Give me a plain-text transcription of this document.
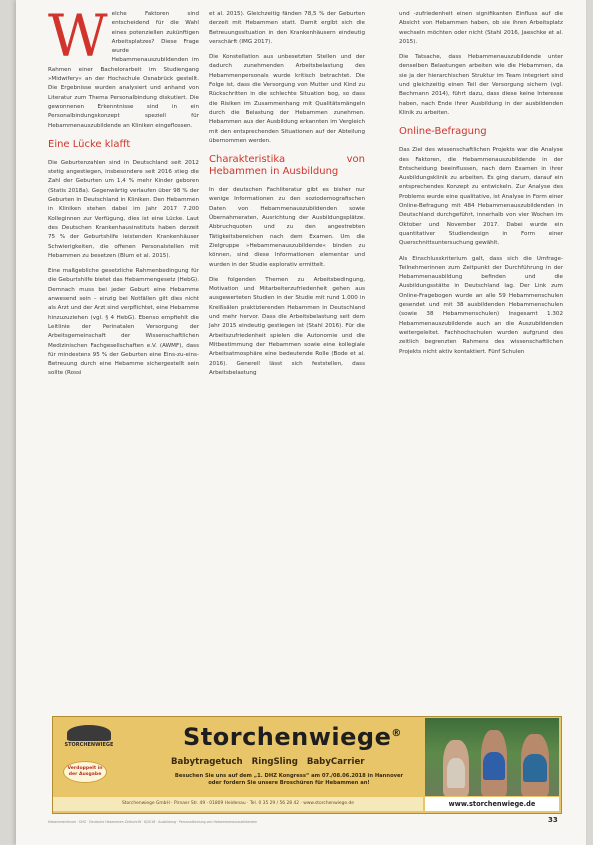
W elche Faktoren sind entscheidend für die Wahl eines potenziellen zukünftigen Arbeitsplatzes? Diese Frage wurde Hebammenauszubildenden im Rahmen einer Bachelorarbeit im Studiengang »Midwifery« an der Hochschule Osnabrück gestellt. Die Ergebnisse wurden analysiert und anhand von Literatur zum Thema Personalbindung diskutiert. Die gewonnenen Erkenntnisse sind in ein Personalbindungskonzept speziell für Hebammenauszubildende an Kliniken eingeflossen.
Eine Lücke klafft

Die Geburtenzahlen sind in Deutschland seit 2012 stetig angestiegen, insbesondere seit 2016 stieg die Zahl der Geburten um 1,4 % mehr Kinder geboren (Statis 2018a). Gegenwärtig verlaufen über 98 % der Geburten in Deutschland in Kliniken. Den Hebammen in Kliniken stehen dabei im Jahr 2017 7.200 Kolleginnen zur Verfügung, dies ist eine Lücke. Laut des Deutschen Krankenhausinstituts haben derzeit 75 % der Geburtshilfe leistenden Krankenhäuser Schwierigkeiten, die offenen Personalstellen mit Hebammen zu besetzen (Blum et al. 2015).

Eine maßgebliche gesetzliche Rahmenbedingung für die Geburtshilfe bietet das Hebammengesetz (HebG). Demnach muss bei jeder Geburt eine Hebamme anwesend sein – einzig bei Notfällen gilt dies nicht als Arzt und der Arzt sind verpflichtet, eine Hebamme hinzuzuziehen (vgl. § 4 HebG). Ebenso empfiehlt die Leitlinie der Perinatalen Versorgung der Arbeitsgemeinschaft der Wissenschaftlichen Medizinischen Fachgesellschaften e.V. (AWMF), dass für mindestens 95 % der Geburten eine Eins-zu-eins-Betreuung durch eine Hebamme sichergestellt sein sollte (Rossi

et al. 2015). Gleichzeitig fänden 78,5 % der Geburten derzeit mit Hebammen statt. Damit ergibt sich die Betreuungssituation in den Krankenhäusern eindeutig verschärft (IMG 2017).

Die Konstellation aus unbesetzten Stellen und der dadurch zunehmenden Arbeitsbelastung des Hebammenpersonals wurde kritisch betrachtet. Die Folge ist, dass die Versorgung von Mutter und Kind zu Rückschritten in die schlechte Situation bog, so dass die Risiken im Zusammenhang mit Qualitätsmängeln durch die Belastung der Hebammen zunehmen. Hebammen aus der Ausbildung erkannten im Vergleich mit den entsprechenden Situationen auf der Abteilung übernommen werden.

Charakteristika von Hebammen in Ausbildung

In der deutschen Fachliteratur gibt es bisher nur wenige Informationen zu den soziodemografischen Daten von Hebammenauszubildenden sowie Übernahmeraten, Ausrichtung der Ausbildungsplätze. Abbruchquoten und zu den angestrebten Tätigkeitsbereichen nach dem Examen. Um die Zielgruppe »Hebammenauszubildende« binden zu können, sind diese Informationen elementar und wurden in der Studie explorativ ermittelt.

Die folgenden Themen zu Arbeitsbedingung, Motivation und Mitarbeiterzufriedenheit gehen aus ausgewerteten Studien in der Studie mit rund 1.000 in Kreißsälen praktizierenden Hebammen in Deutschland und mehr hervor. Dass die Arbeitsbelastung seit dem Jahr 2015 eindeutig gestiegen ist (Stahl 2016). Für die Arbeitszufriedenheit spielen die Autonomie und die Mitbestimmung der Hebammen sowie eine kollegiale Arbeitsatmosphäre eine bedeutende Rolle (Bode et al. 2016). Generell lässt sich feststellen, dass Arbeitsbelastung

und -zufriedenheit einen signifikanten Einfluss auf die Absicht von Hebammen haben, ob sie ihren Arbeitsplatz wechseln möchten oder nicht (Stahl 2016, Jaeschke et al. 2015).

Die Tatsache, dass Hebammenauszubildende unter denselben Belastungen arbeiten wie die Hebammen, da sie ja der hierarchischen Struktur im Team integriert sind und gleichzeitig einen Teil der Versorgung sichern (vgl. Bechmann 2014), führt dazu, dass diese keine Interesse haben, nach Ende ihrer Ausbildung in der ausbildenden Klinik zu arbeiten.

Online-Befragung

Das Ziel des wissenschaftlichen Projekts war die Analyse des Faktoren, die Hebammenauszubildende in der Entscheidung beeinflussen, nach dem Examen in ihrer Ausbildungsklinik zu arbeiten. Es ging darum, darauf ein entsprechendes Konzept zu entwickeln. Zur Analyse des Problems wurde eine qualitative, ist Analyse in Form einer Online-Befragung mit 484 Hebammenauszubildenden in Deutschland durchgeführt, innerhalb von vier Wochen im Oktober und November 2017. Dabei wurde ein quantitativer Studiendesign in Form einer Querschnittsuntersuchung gewählt.

Als Einschlusskriterium galt, dass sich die Umfrage-Teilnehmerinnen zum Zeitpunkt der Durchführung in der Hebammenausbildung befinden und die Ausbildungsstätte in Deutschland lag. Der Link zum Online-Fragebogen wurde an alle 59 Hebammenschulen gesendet und mit 38 ausbildenden Hebammenschulen (sowie 38 Hebammenschulen) Insgesamt 1.302 Hebammenauszubildende auch an die Auszubildenden weitergeleitet. Fachhochschulen wurden aufgrund des zeitlich begrenzten Rahmens des wissenschaftlichen Projekts nicht aktiv kontaktiert. Fünf Schulen

STORCHENWIEGE
Verdoppelt in der Ausgabe
Storchenwiege®
Babytragetuch RingSling BabyCarrier
Besuchen Sie uns auf dem „1. DHZ Kongress“ am 07./08.06.2018 in Hannover
oder fordern Sie unsere Broschüren für Hebammen an!
Storchenwiege GmbH · Pirnaer Str. 49 · 01809 Heidenau · Tel. 0 35 29 / 56 28 42 · www.storchenwiege.de	www.storchenwiege.de
Hebammenforum · DHZ · Deutsche Hebammen Zeitschrift · 6/2018 · Ausbildung · Personalbindung von Hebammenauszubildenden	33
